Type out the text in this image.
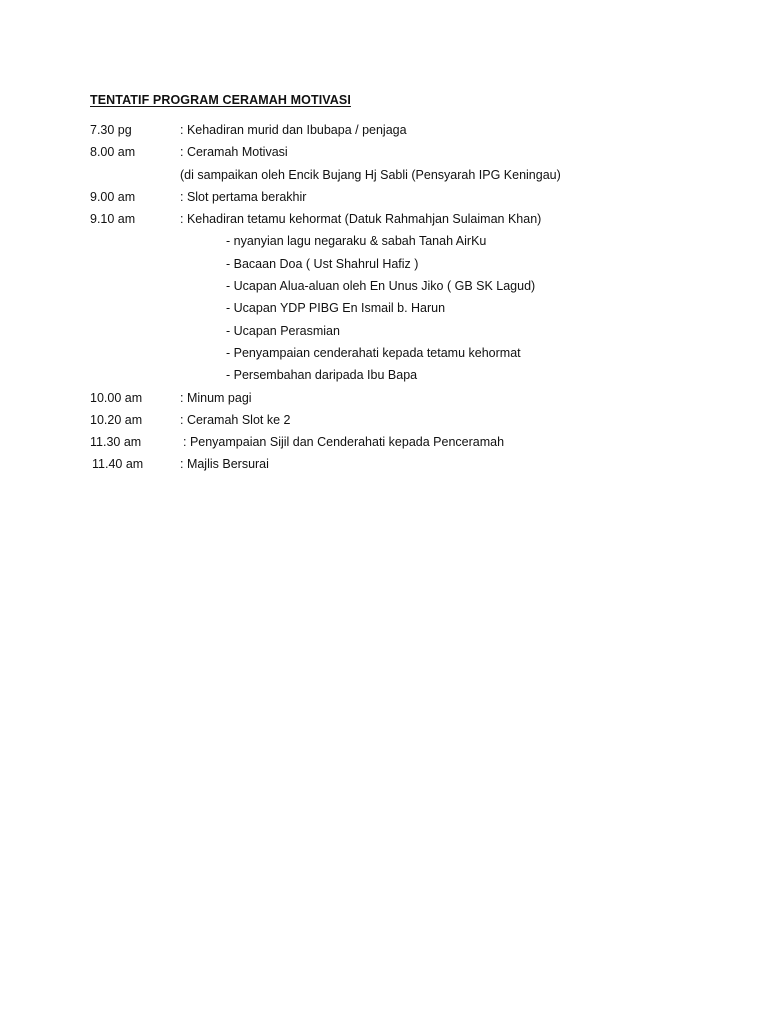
TENTATIF PROGRAM CERAMAH MOTIVASI
7.30 pg	: Kehadiran murid dan Ibubapa / penjaga
8.00 am	: Ceramah Motivasi
(di sampaikan oleh Encik Bujang Hj Sabli (Pensyarah IPG Keningau)
9.00 am	: Slot pertama berakhir
9.10 am	: Kehadiran tetamu kehormat (Datuk Rahmahjan Sulaiman Khan)
- nyanyian lagu negaraku & sabah Tanah AirKu
- Bacaan Doa ( Ust Shahrul Hafiz )
- Ucapan Alua-aluan oleh En Unus Jiko ( GB SK Lagud)
- Ucapan YDP PIBG En Ismail b. Harun
- Ucapan Perasmian
- Penyampaian cenderahati kepada tetamu kehormat
- Persembahan daripada Ibu Bapa
10.00 am	: Minum pagi
10.20 am	: Ceramah Slot ke 2
11.30 am	: Penyampaian Sijil dan Cenderahati kepada Penceramah
11.40 am	: Majlis Bersurai
